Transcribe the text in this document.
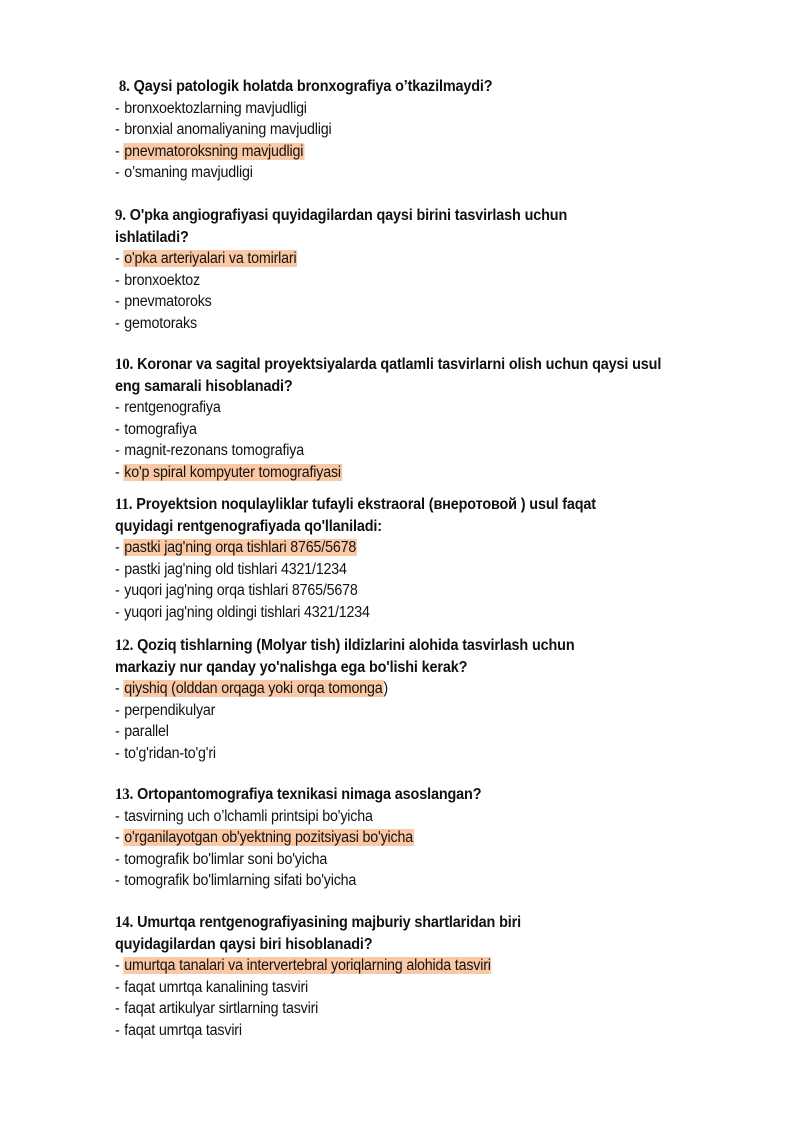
8. Qaysi patologik holatda bronxografiya o’tkazilmaydi?

- bronxoektozlarning mavjudligi

- bronxial anomaliyaning mavjudligi

- pnevmatoroksning mavjudligi

- o’smaning mavjudligi

9. O'pka angiografiyasi quyidagilardan qaysi birini tasvirlash uchun
ishlatiladi?

- o'pka arteriyalari va tomirlari

- bronxoektoz

- pnevmatoroks

- gemotoraks

10. Koronar va sagital proyektsiyalarda qatlamli tasvirlarni olish uchun qaysi usul
eng samarali hisoblanadi?

- rentgenografiya

- tomografiya

- magnit-rezonans tomografiya

- ko'p spiral kompyuter tomografiyasi

11. Proyektsion noqulayliklar tufayli ekstraoral (внеротовой ) usul faqat
quyidagi rentgenografiyada qo'llaniladi:

- pastki jag'ning orqa tishlari 8765/5678

- pastki jag'ning old tishlari 4321/1234

- yuqori jag'ning orqa tishlari 8765/5678

- yuqori jag'ning oldingi tishlari 4321/1234

12. Qoziq tishlarning (Molyar tish) ildizlarini alohida tasvirlash uchun
markaziy nur qanday yo'nalishga ega bo'lishi kerak?

- qiyshiq (olddan orqaga yoki orqa tomonga)

- perpendikulyar

- parallel

- to'g'ridan-to'g'ri

13. Ortopantomografiya texnikasi nimaga asoslangan?

- tasvirning uch o’lchamli printsipi bo'yicha

- o'rganilayotgan ob'yektning pozitsiyasi bo'yicha

- tomografik bo'limlar soni bo'yicha

- tomografik bo'limlarning sifati bo'yicha

14. Umurtqa rentgenografiyasining majburiy shartlaridan biri
quyidagilardan qaysi biri hisoblanadi?

- umurtqa tanalari va intervertebral yoriqlarning alohida tasviri

- faqat umrtqa kanalining tasviri

- faqat artikulyar sirtlarning tasviri

- faqat umrtqa tasviri
